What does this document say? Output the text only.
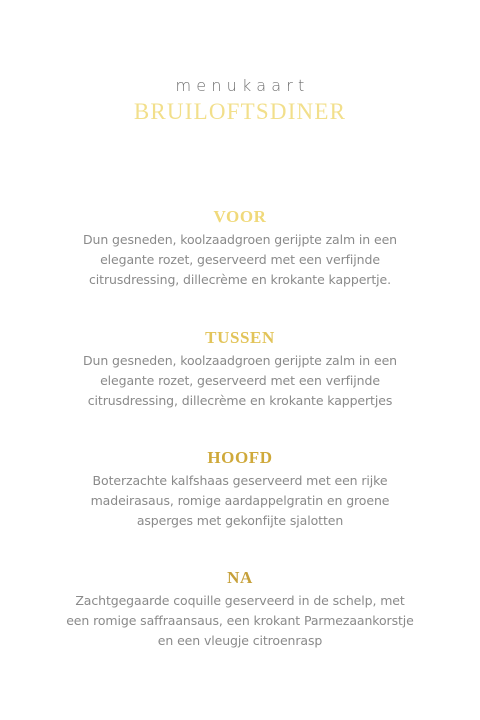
menukaart
BRUILOFTSDINER
VOOR
Dun gesneden, koolzaadgroen gerijpte zalm in een elegante rozet, geserveerd met een verfijnde citrusdressing, dillecrème en krokante kappertje.
TUSSEN
Dun gesneden, koolzaadgroen gerijpte zalm in een elegante rozet, geserveerd met een verfijnde citrusdressing, dillecrème en krokante kappertjes
HOOFD
Boterzachte kalfshaas geserveerd met een rijke madeirasaus, romige aardappelgratin en groene asperges met gekonfijte sjalotten
NA
Zachtgegaarde coquille geserveerd in de schelp, met een romige saffraansaus, een krokant Parmezaankorstje en een vleugje citroenrasp
